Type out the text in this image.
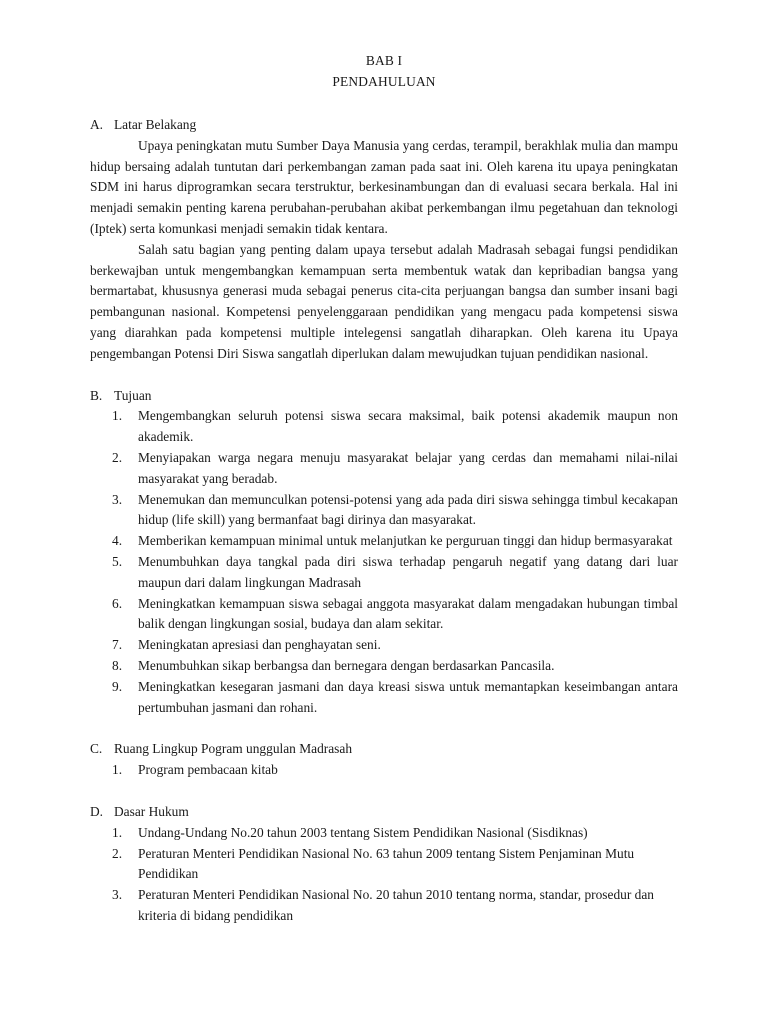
BAB I
PENDAHULUAN
A. Latar Belakang
Upaya peningkatan mutu Sumber Daya Manusia yang cerdas, terampil, berakhlak mulia dan mampu hidup bersaing adalah tuntutan dari perkembangan zaman pada saat ini. Oleh karena itu upaya peningkatan SDM ini harus diprogramkan secara terstruktur, berkesinambungan dan di evaluasi secara berkala. Hal ini menjadi semakin penting karena perubahan-perubahan akibat perkembangan ilmu pegetahuan dan teknologi (Iptek) serta komunkasi menjadi semakin tidak kentara.
Salah satu bagian yang penting dalam upaya tersebut adalah Madrasah sebagai fungsi pendidikan berkewajban untuk mengembangkan kemampuan serta membentuk watak dan kepribadian bangsa yang bermartabat, khususnya generasi muda sebagai penerus cita-cita perjuangan bangsa dan sumber insani bagi pembangunan nasional. Kompetensi penyelenggaraan pendidikan yang mengacu pada kompetensi siswa yang diarahkan pada kompetensi multiple intelegensi sangatlah diharapkan. Oleh karena itu Upaya pengembangan Potensi Diri Siswa sangatlah diperlukan dalam mewujudkan tujuan pendidikan nasional.
B. Tujuan
1.	Mengembangkan seluruh potensi siswa secara maksimal, baik potensi akademik maupun non akademik.
2.	Menyiapakan warga negara menuju masyarakat belajar yang cerdas dan memahami nilai-nilai masyarakat yang beradab.
3.	Menemukan dan memunculkan potensi-potensi yang ada pada diri siswa sehingga timbul kecakapan hidup (life skill) yang bermanfaat bagi dirinya dan masyarakat.
4.	Memberikan kemampuan minimal untuk melanjutkan ke perguruan tinggi dan hidup bermasyarakat
5.	Menumbuhkan daya tangkal pada diri siswa terhadap pengaruh negatif yang datang dari luar maupun dari dalam lingkungan Madrasah
6.	Meningkatkan kemampuan siswa sebagai anggota masyarakat dalam mengadakan hubungan timbal balik dengan lingkungan sosial, budaya dan alam sekitar.
7.	Meningkatan apresiasi dan penghayatan seni.
8.	Menumbuhkan sikap berbangsa dan bernegara dengan berdasarkan Pancasila.
9.	Meningkatkan kesegaran jasmani dan daya kreasi siswa untuk memantapkan keseimbangan antara pertumbuhan jasmani dan rohani.
C. Ruang Lingkup Pogram unggulan Madrasah
1.	Program pembacaan kitab
D. Dasar Hukum
1.	Undang-Undang No.20 tahun 2003 tentang Sistem Pendidikan Nasional (Sisdiknas)
2.	Peraturan Menteri Pendidikan Nasional No. 63 tahun 2009 tentang Sistem Penjaminan Mutu Pendidikan
3.	Peraturan Menteri Pendidikan Nasional No. 20 tahun 2010 tentang norma, standar, prosedur dan kriteria di bidang pendidikan
